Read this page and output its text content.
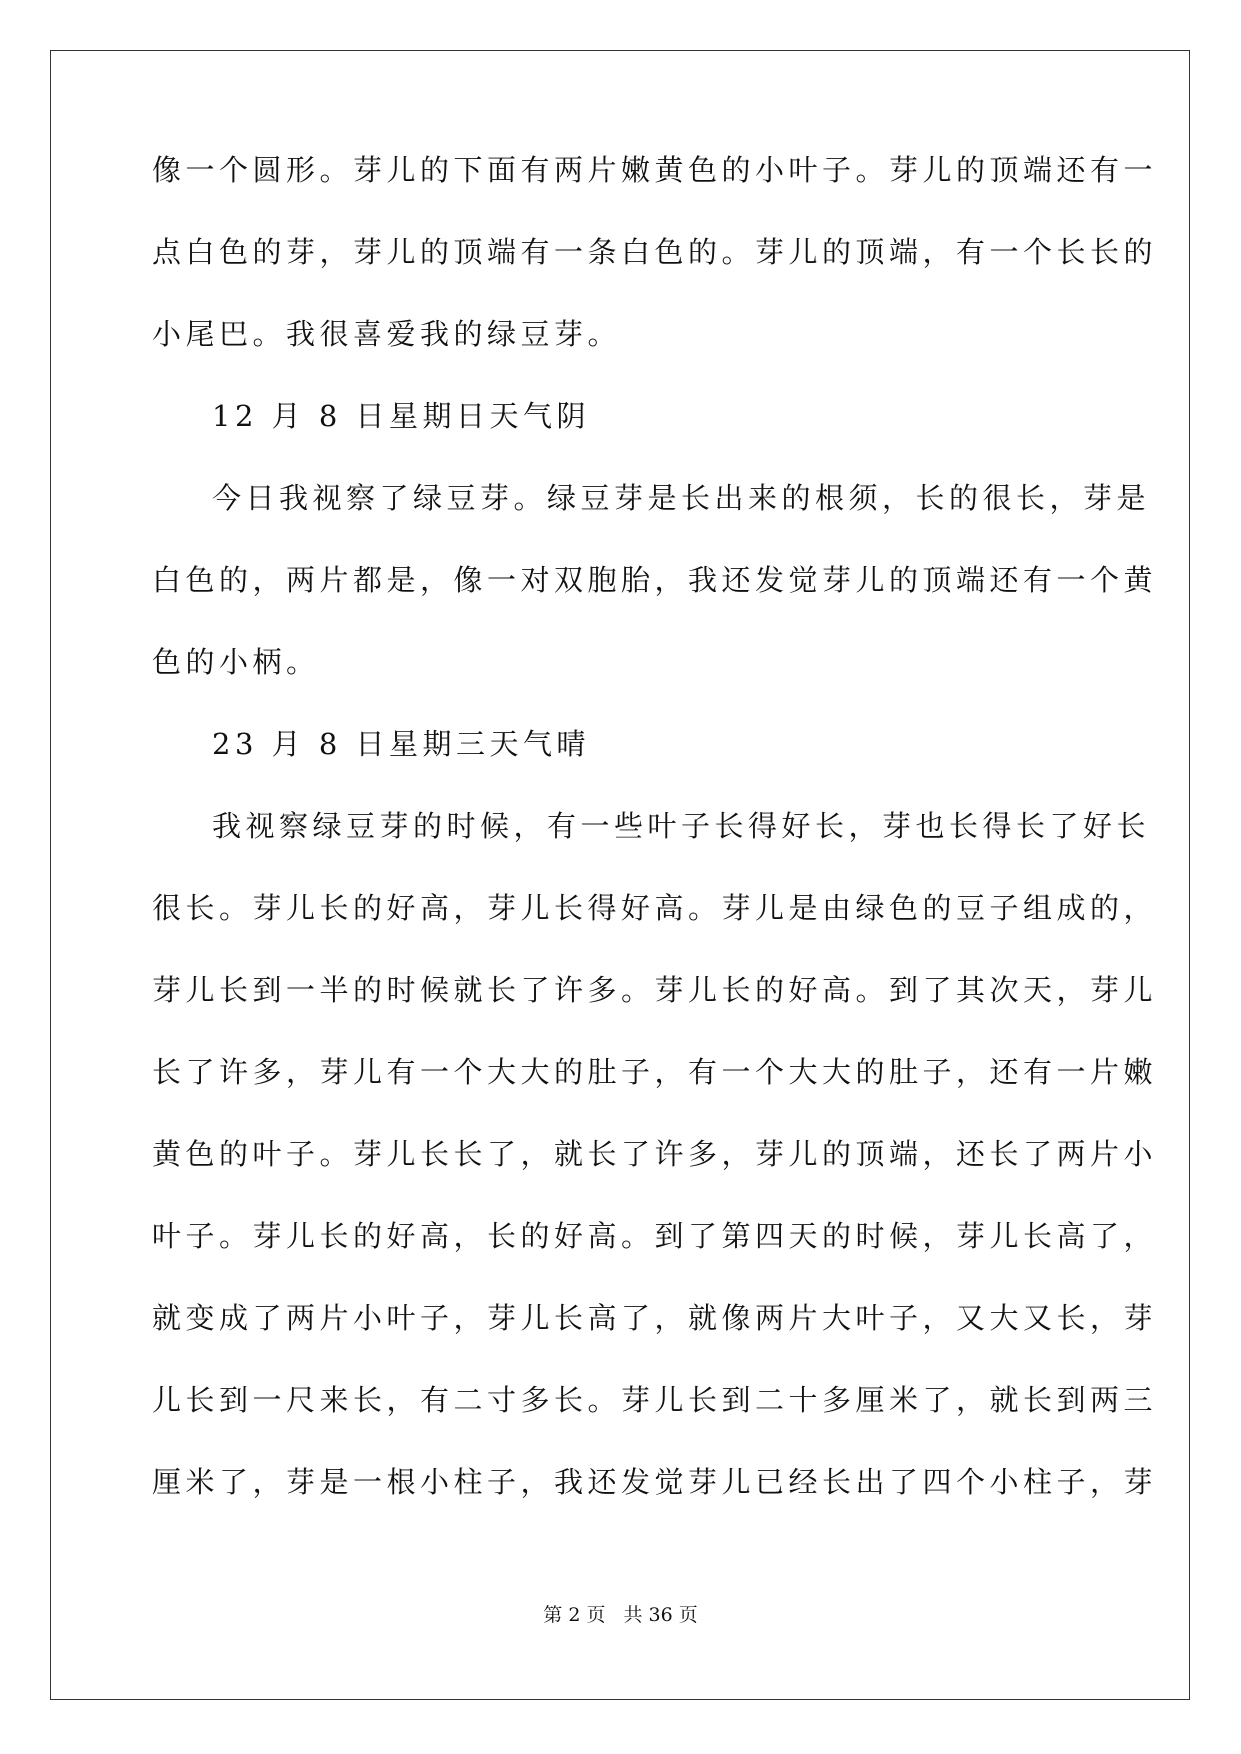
像一个圆形。芽儿的下面有两片嫩黄色的小叶子。芽儿的顶端还有一
点白色的芽，芽儿的顶端有一条白色的。芽儿的顶端，有一个长长的
小尾巴。我很喜爱我的绿豆芽。
12 月 8 日星期日天气阴
今日我视察了绿豆芽。绿豆芽是长出来的根须，长的很长，芽是
白色的，两片都是，像一对双胞胎，我还发觉芽儿的顶端还有一个黄
色的小柄。
23 月 8 日星期三天气晴
我视察绿豆芽的时候，有一些叶子长得好长，芽也长得长了好长
很长。芽儿长的好高，芽儿长得好高。芽儿是由绿色的豆子组成的，
芽儿长到一半的时候就长了许多。芽儿长的好高。到了其次天，芽儿
长了许多，芽儿有一个大大的肚子，有一个大大的肚子，还有一片嫩
黄色的叶子。芽儿长长了，就长了许多，芽儿的顶端，还长了两片小
叶子。芽儿长的好高，长的好高。到了第四天的时候，芽儿长高了，
就变成了两片小叶子，芽儿长高了，就像两片大叶子，又大又长，芽
儿长到一尺来长，有二寸多长。芽儿长到二十多厘米了，就长到两三
厘米了，芽是一根小柱子，我还发觉芽儿已经长出了四个小柱子，芽
第 2 页 共 36 页
